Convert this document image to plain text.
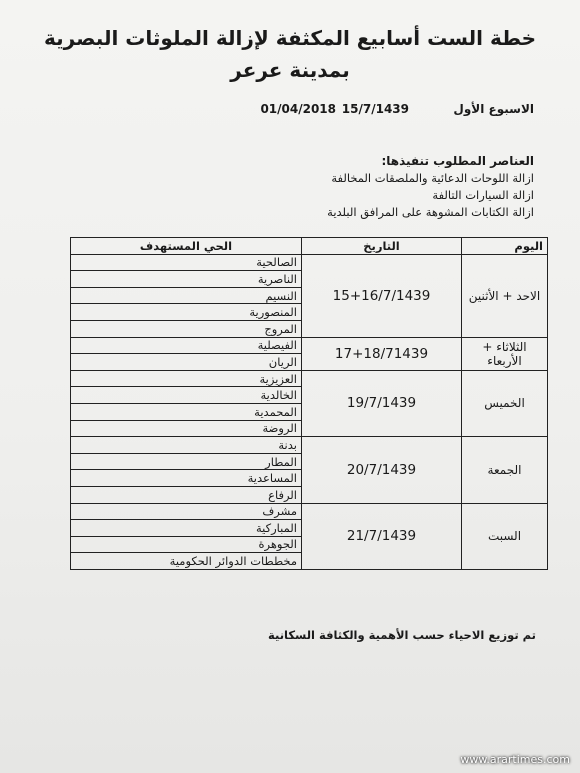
خطة الست أسابيع المكثفة لإزالة الملوثات البصرية
بمدينة عرعر
الاسبوع الأول
15/7/1439
01/04/2018
العناصر المطلوب تنفيذها:
ازالة اللوحات الدعائية والملصقات المخالفة
ازالة السيارات التالفة
ازالة الكتابات المشوهة على المرافق البلدية
اليوم	التاريخ	الحي المستهدف
الاحد + الأثنين	15+16/7/1439	الصالحية
		الناصرية
		النسيم
		المنصورية
		المروج
الثلاثاء + الأربعاء	17+18/71439	الفيصلية
		الريان
الخميس	19/7/1439	العزيزية
		الخالدية
		المحمدية
		الروضة
الجمعة	20/7/1439	بدنة
		المطار
		المساعدية
		الرفاع
السبت	21/7/1439	مشرف
		المباركية
		الجوهرة
		مخططات الدوائر الحكومية
تم توزيع الاحياء حسب الأهمية والكثافة السكانية
www.arartimes.com
